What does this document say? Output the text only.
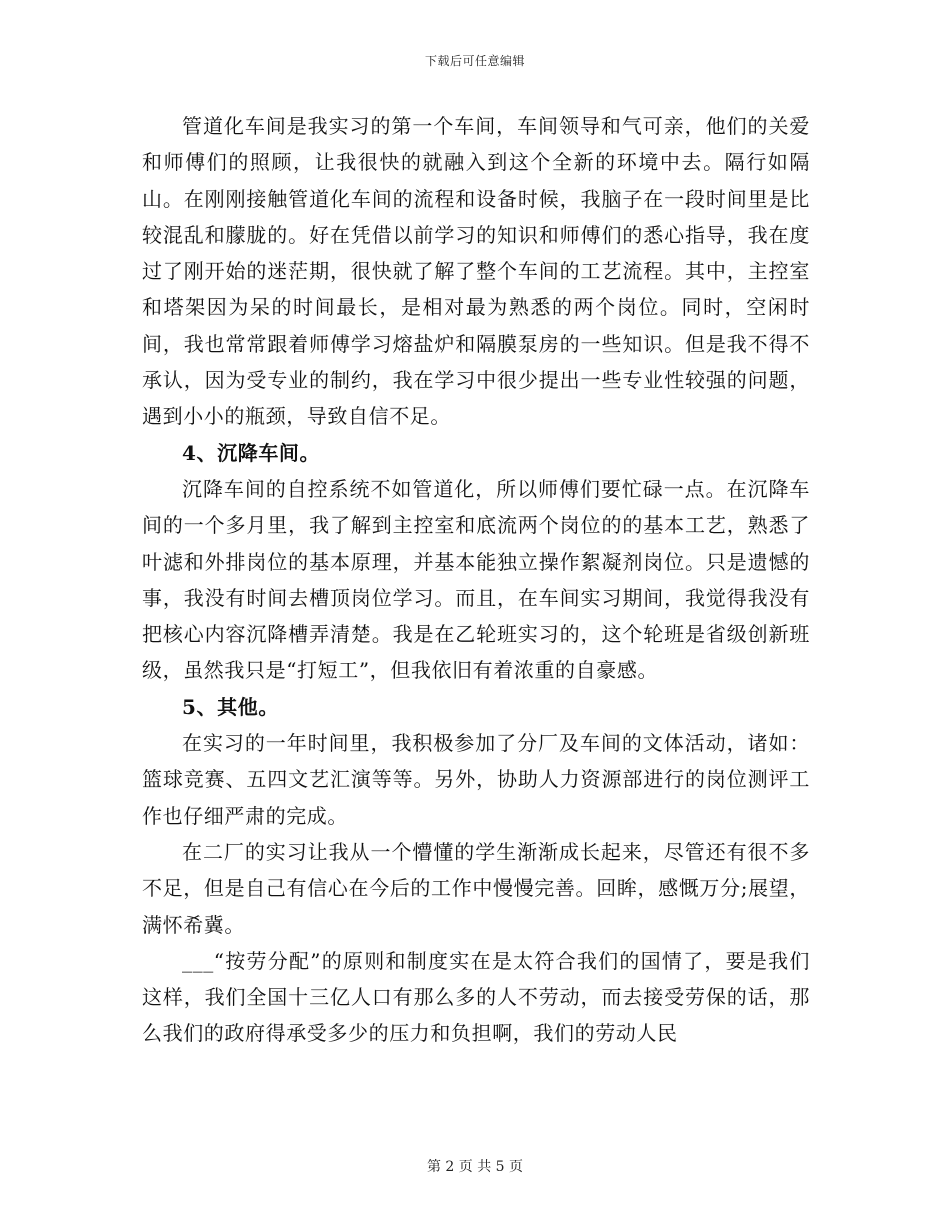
下载后可任意编辑

管道化车间是我实习的第一个车间，车间领导和气可亲，他们的关爱和师傅们的照顾，让我很快的就融入到这个全新的环境中去。隔行如隔山。在刚刚接触管道化车间的流程和设备时候，我脑子在一段时间里是比较混乱和朦胧的。好在凭借以前学习的知识和师傅们的悉心指导，我在度过了刚开始的迷茫期，很快就了解了整个车间的工艺流程。其中，主控室和塔架因为呆的时间最长，是相对最为熟悉的两个岗位。同时，空闲时间，我也常常跟着师傅学习熔盐炉和隔膜泵房的一些知识。但是我不得不承认，因为受专业的制约，我在学习中很少提出一些专业性较强的问题，遇到小小的瓶颈，导致自信不足。

4、沉降车间。

沉降车间的自控系统不如管道化，所以师傅们要忙碌一点。在沉降车间的一个多月里，我了解到主控室和底流两个岗位的的基本工艺，熟悉了叶滤和外排岗位的基本原理，并基本能独立操作絮凝剂岗位。只是遗憾的事，我没有时间去槽顶岗位学习。而且，在车间实习期间，我觉得我没有把核心内容沉降槽弄清楚。我是在乙轮班实习的，这个轮班是省级创新班级，虽然我只是“打短工”，但我依旧有着浓重的自豪感。

5、其他。

在实习的一年时间里，我积极参加了分厂及车间的文体活动，诸如：篮球竞赛、五四文艺汇演等等。另外，协助人力资源部进行的岗位测评工作也仔细严肃的完成。

在二厂的实习让我从一个懵懂的学生渐渐成长起来，尽管还有很不多不足，但是自己有信心在今后的工作中慢慢完善。回眸，感慨万分;展望，满怀希冀。

___“按劳分配”的原则和制度实在是太符合我们的国情了，要是我们这样，我们全国十三亿人口有那么多的人不劳动，而去接受劳保的话，那么我们的政府得承受多少的压力和负担啊，我们的劳动人民

第 2 页 共 5 页
